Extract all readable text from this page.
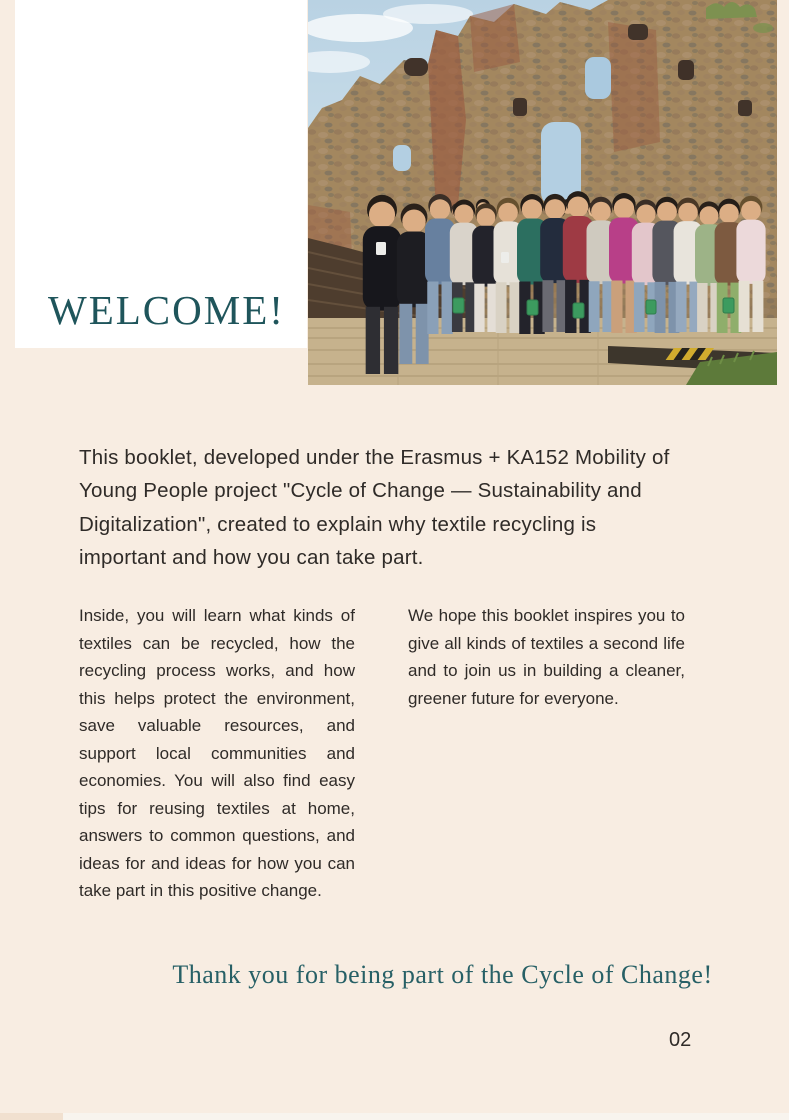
WELCOME!

This booklet, developed under the Erasmus + KA152 Mobility of Young People project "Cycle of Change — Sustainability and Digitalization", created to explain why textile recycling is important and how you can take part.

Inside, you will learn what kinds of textiles can be recycled, how the recycling process works, and how this helps protect the environment, save valuable resources, and support local communities and economies. You will also find easy tips for reusing textiles at home, answers to common questions, and ideas for and ideas for how you can take part in this positive change.

We hope this booklet inspires you to give all kinds of textiles a second life and to join us in building a cleaner, greener future for everyone.

Thank you for being part of the Cycle of Change!
02
